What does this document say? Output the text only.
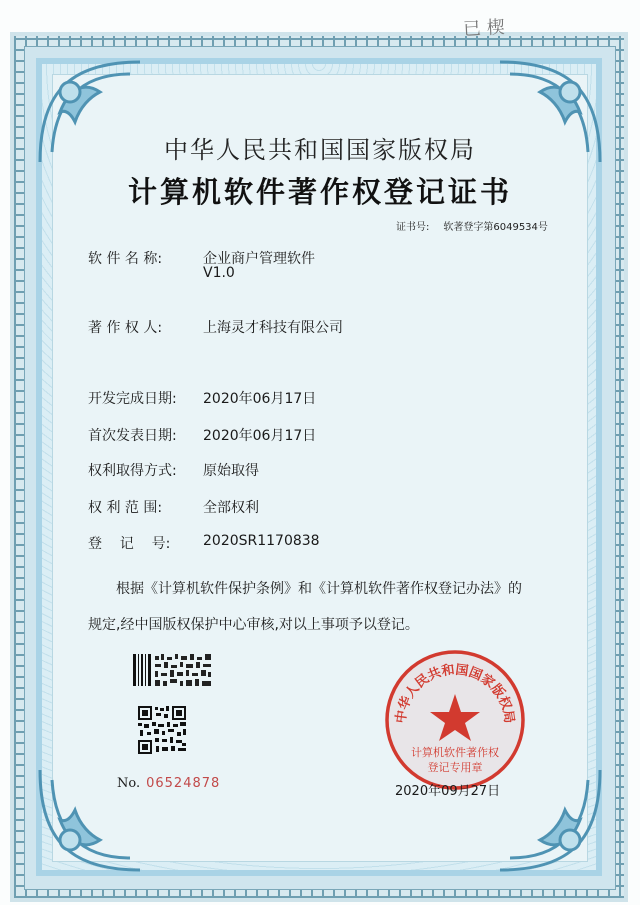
已 楔
中华人民共和国国家版权局
计算机软件著作权登记证书
证书号: 软著登字第6049534号
软 件 名 称:	企业商户管理软件
V1.0
著 作 权 人:	上海灵才科技有限公司
开发完成日期: 2020年06月17日
首次发表日期: 2020年06月17日
权利取得方式: 原始取得
权 利 范 围:	全部权利
登    记    号: 2020SR1170838
根据《计算机软件保护条例》和《计算机软件著作权登记办法》的
规定,经中国版权保护中心审核,对以上事项予以登记。
No. 06524878
中华人民共和国国家版权局
计算机软件著作权
登记专用章
2020年09月27日
